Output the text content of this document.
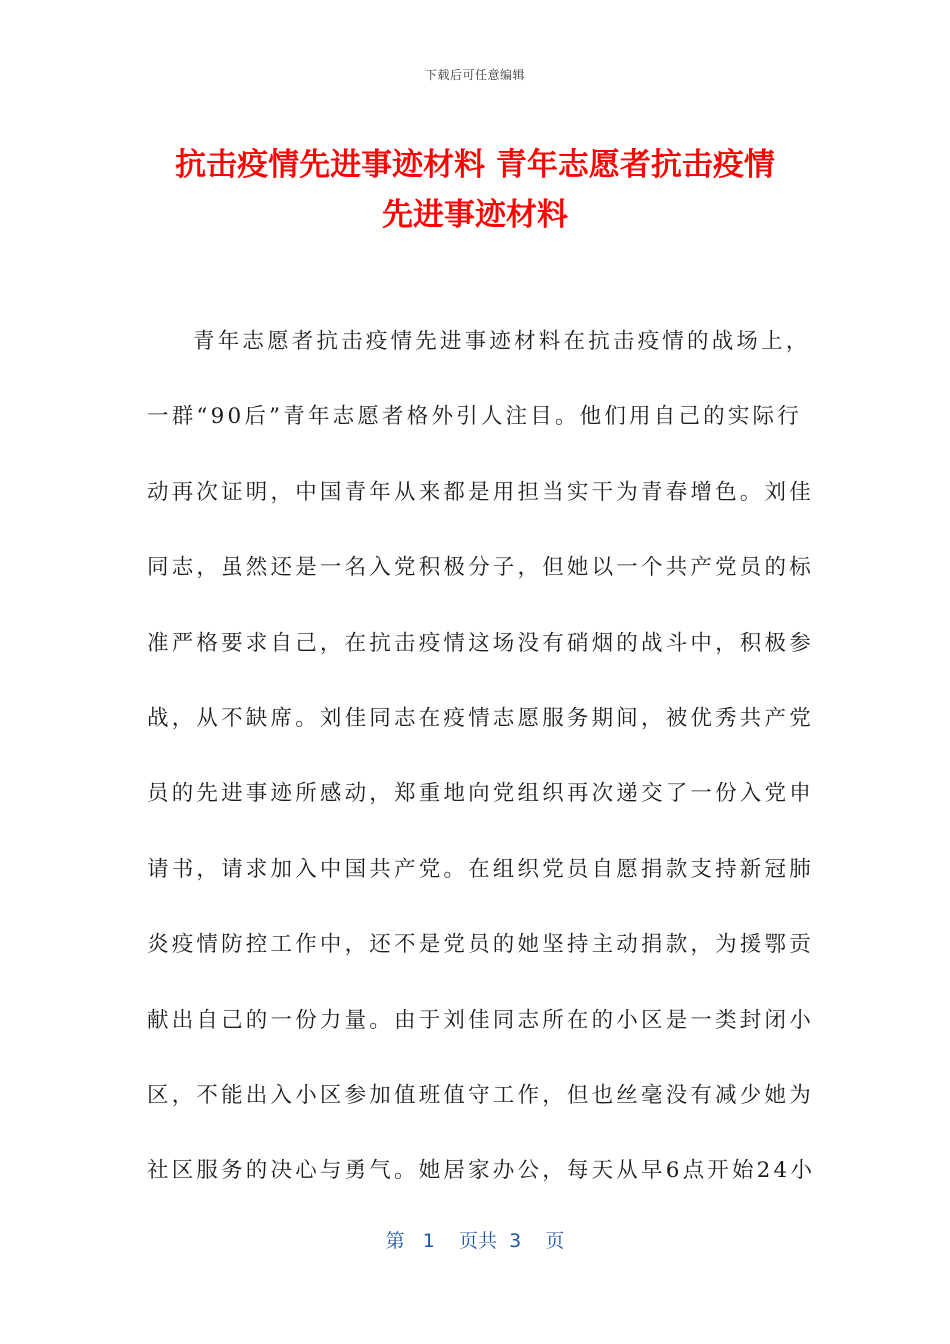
下载后可任意编辑
抗击疫情先进事迹材料 青年志愿者抗击疫情
先进事迹材料
青年志愿者抗击疫情先进事迹材料在抗击疫情的战场上，
一群“90后”青年志愿者格外引人注目。他们用自己的实际行
动再次证明，中国青年从来都是用担当实干为青春增色。刘佳
同志，虽然还是一名入党积极分子，但她以一个共产党员的标
准严格要求自己，在抗击疫情这场没有硝烟的战斗中，积极参
战，从不缺席。刘佳同志在疫情志愿服务期间，被优秀共产党
员的先进事迹所感动，郑重地向党组织再次递交了一份入党申
请书，请求加入中国共产党。在组织党员自愿捐款支持新冠肺
炎疫情防控工作中，还不是党员的她坚持主动捐款，为援鄂贡
献出自己的一份力量。由于刘佳同志所在的小区是一类封闭小
区，不能出入小区参加值班值守工作，但也丝毫没有减少她为
社区服务的决心与勇气。她居家办公，每天从早6点开始24小
第 1 页共 3 页
